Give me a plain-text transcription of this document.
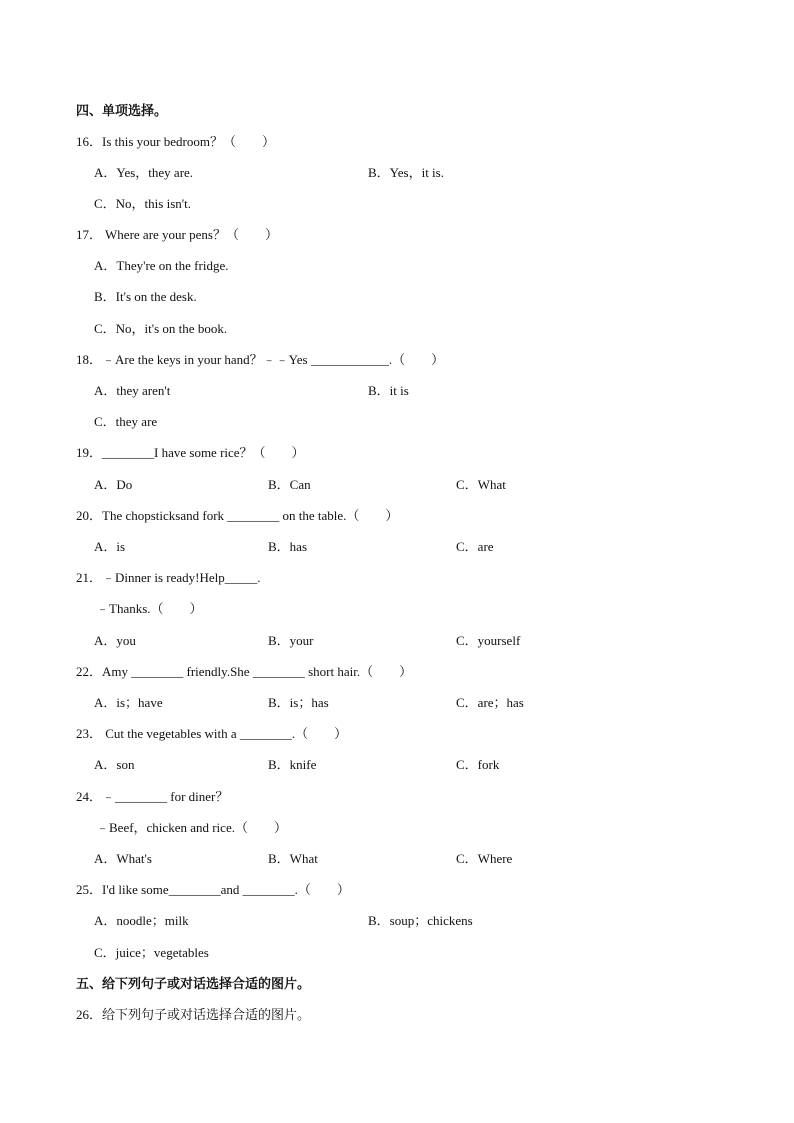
四、单项选择。
16．Is this your bedroom？（　　）
A．Yes，they are.	B．Yes，it is.
C．No，this isn't.
17． Where are your pens？（　　）
A．They're on the fridge.
B．It's on the desk.
C．No，it's on the book.
18．﹣Are the keys in your hand？﹣﹣Yes ____________.（　　）
A．they aren't	B．it is
C．they are
19．________I have some rice？（　　）
A．Do	B．Can	C．What
20．The chopsticksand fork ________ on the table.（　　）
A．is	B．has	C．are
21．﹣Dinner is ready!Help_____.
﹣Thanks.（　　）
A．you	B．your	C．yourself
22．Amy ________ friendly.She ________ short hair.（　　）
A．is；have	B．is；has	C．are；has
23． Cut the vegetables with a ________.（　　）
A．son	B．knife	C．fork
24．﹣________ for diner？
﹣Beef，chicken and rice.（　　）
A．What's	B．What	C．Where
25．I'd like some________and ________.（　　）
A．noodle；milk	B．soup；chickens
C．juice；vegetables
五、给下列句子或对话选择合适的图片。
26．给下列句子或对话选择合适的图片。
